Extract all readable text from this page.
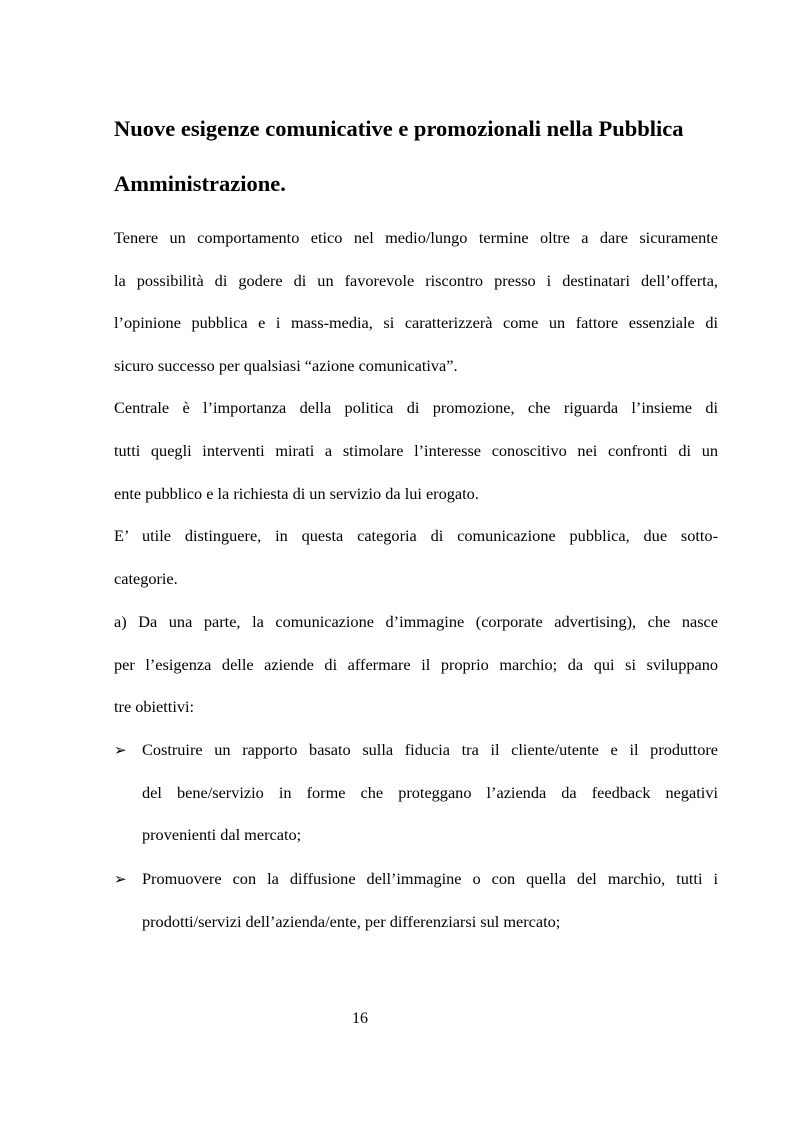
Nuove esigenze comunicative e promozionali nella Pubblica
Amministrazione.
Tenere un comportamento etico nel medio/lungo termine oltre a dare sicuramente
la possibilità di godere di un favorevole riscontro presso i destinatari dell’offerta,
l’opinione pubblica e i mass-media, si caratterizzerà come un fattore essenziale di
sicuro successo per qualsiasi “azione comunicativa”.
Centrale è l’importanza della politica di promozione, che riguarda l’insieme di
tutti quegli interventi mirati a stimolare l’interesse conoscitivo nei confronti di un
ente pubblico e la richiesta di un servizio da lui erogato.
E’ utile distinguere, in questa categoria di comunicazione pubblica, due sotto-
categorie.
a) Da una parte, la comunicazione d’immagine (corporate advertising), che nasce
per l’esigenza delle aziende di affermare il proprio marchio; da qui si sviluppano
tre obiettivi:
➢ Costruire un rapporto basato sulla fiducia tra il cliente/utente e il produttore
del bene/servizio in forme che proteggano l’azienda da feedback negativi
provenienti dal mercato;
➢ Promuovere con la diffusione dell’immagine o con quella del marchio, tutti i
prodotti/servizi dell’azienda/ente, per differenziarsi sul mercato;
16
